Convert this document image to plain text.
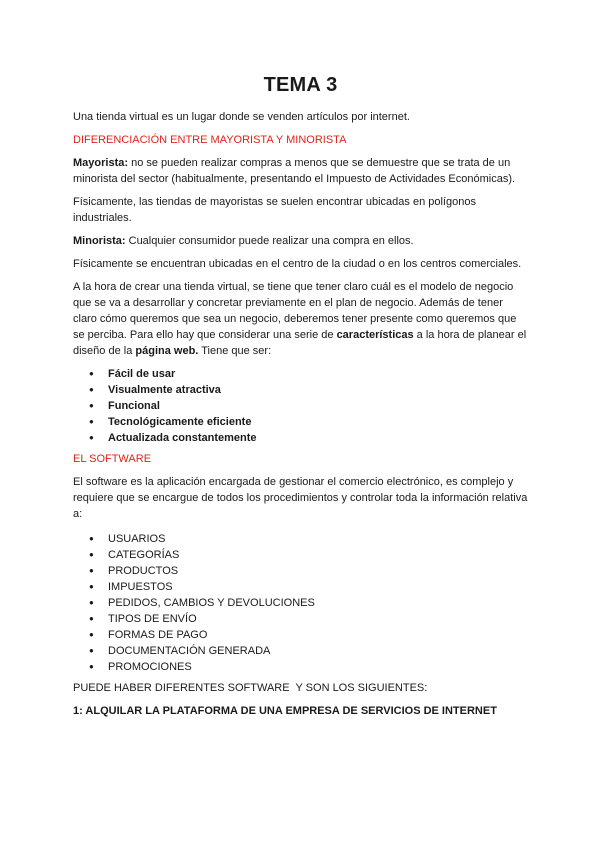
TEMA 3

Una tienda virtual es un lugar donde se venden artículos por internet.

DIFERENCIACIÓN ENTRE MAYORISTA Y MINORISTA

Mayorista: no se pueden realizar compras a menos que se demuestre que se trata de un minorista del sector (habitualmente, presentando el Impuesto de Actividades Económicas).

Físicamente, las tiendas de mayoristas se suelen encontrar ubicadas en polígonos industriales.

Minorista: Cualquier consumidor puede realizar una compra en ellos.

Físicamente se encuentran ubicadas en el centro de la ciudad o en los centros comerciales.

A la hora de crear una tienda virtual, se tiene que tener claro cuál es el modelo de negocio que se va a desarrollar y concretar previamente en el plan de negocio. Además de tener claro cómo queremos que sea un negocio, deberemos tener presente como queremos que se perciba. Para ello hay que considerar una serie de características a la hora de planear el diseño de la página web. Tiene que ser:

● Fácil de usar
● Visualmente atractiva
● Funcional
● Tecnológicamente eficiente
● Actualizada constantemente

EL SOFTWARE

El software es la aplicación encargada de gestionar el comercio electrónico, es complejo y requiere que se encargue de todos los procedimientos y controlar toda la información relativa a:

● USUARIOS
● CATEGORÍAS
● PRODUCTOS
● IMPUESTOS
● PEDIDOS, CAMBIOS Y DEVOLUCIONES
● TIPOS DE ENVÍO
● FORMAS DE PAGO
● DOCUMENTACIÓN GENERADA
● PROMOCIONES

PUEDE HABER DIFERENTES SOFTWARE  Y SON LOS SIGUIENTES:

1: ALQUILAR LA PLATAFORMA DE UNA EMPRESA DE SERVICIOS DE INTERNET
